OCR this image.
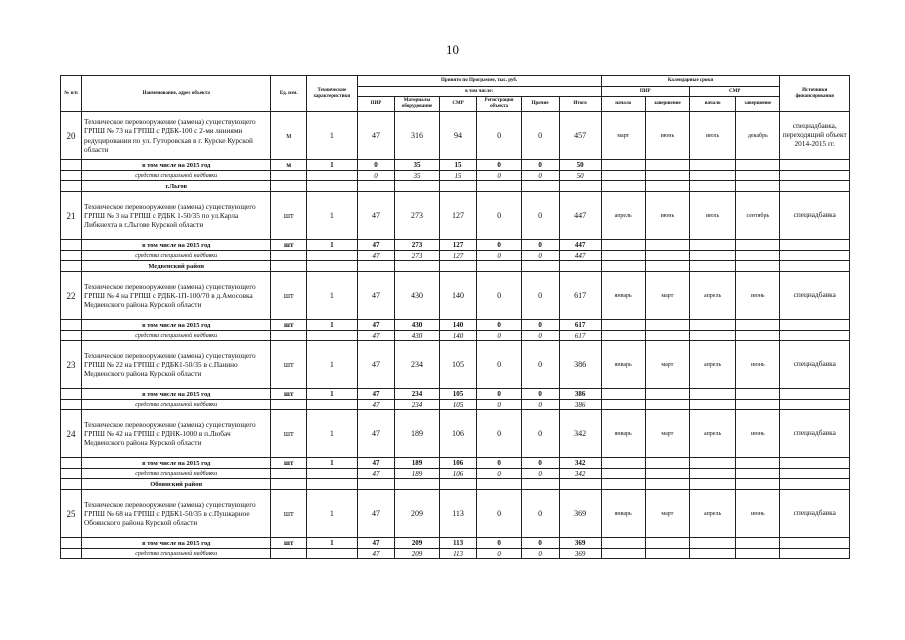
10
№ п/п	Наименование, адрес объекта	Ед. изм.	Технические характеристики	Принято по Программе, тыс. руб.						Календарные сроки				Источники финансирования
				в том числе:						ПИР		СМР		
				ПИР	Материалы оборудование	СМР	Регистрация объекта	Прочие	Итого	начало	завершение	начало	завершение	
20	Техническое перевооружение (замена) существующего ГРПШ № 73 на ГРПШ с РДБК-100 с 2-мя линиями редуцирования по ул. Гуторовская в г. Курске Курской области	м	1	47	316	94	0	0	457	март	июнь	июль	декабрь	спецнадбавка, переходящий объект 2014-2015 гг.
	в том числе на 2015 год	м	1	0	35	15	0	0	50					
	средства специальной надбавки			0	35	15	0	0	50					
	г.Льгов													
21	Техническое перевооружение (замена) существующего ГРПШ № 3 на ГРПШ с РДБК 1-50/35 по ул.Карла Либкнехта в г.Льгове Курской области	шт	1	47	273	127	0	0	447	апрель	июнь	июль	сентябрь	спецнадбавка
	в том числе на 2015 год	шт	1	47	273	127	0	0	447					
	средства специальной надбавки			47	273	127	0	0	447					
	Медвенский район													
22	Техническое перевооружение (замена) существующего ГРПШ № 4 на ГРПШ с РДБК-1П-100/70 в д.Амосовка Медвенского района Курской области	шт	1	47	430	140	0	0	617	январь	март	апрель	июнь	спецнадбавка
	в том числе на 2015 год	шт	1	47	430	140	0	0	617					
	средства специальной надбавки			47	430	140	0	0	617					
23	Техническое перевооружение (замена) существующего ГРПШ № 22 на ГРПШ с РДБК1-50/35 в с.Панино Медвенского района Курской области	шт	1	47	234	105	0	0	386	январь	март	апрель	июнь	спецнадбавка
	в том числе на 2015 год	шт	1	47	234	105	0	0	386					
	средства специальной надбавки			47	234	105	0	0	386					
24	Техническое перевооружение (замена) существующего ГРПШ № 42 на ГРПШ с РДНК-1000 в п.Любач Медвенского района Курской области	шт	1	47	189	106	0	0	342	январь	март	апрель	июнь	спецнадбавка
	в том числе на 2015 год	шт	1	47	189	106	0	0	342					
	средства специальной надбавки			47	189	106	0	0	342					
	Обоянский район													
25	Техническое перевооружение (замена) существующего ГРПШ № 68 на ГРПШ с РДБК1-50/35 в с.Пушкарное Обоянского района Курской области	шт	1	47	209	113	0	0	369	январь	март	апрель	июнь	спецнадбавка
	в том числе на 2015 год	шт	1	47	209	113	0	0	369					
	средства специальной надбавки			47	209	113	0	0	369					
